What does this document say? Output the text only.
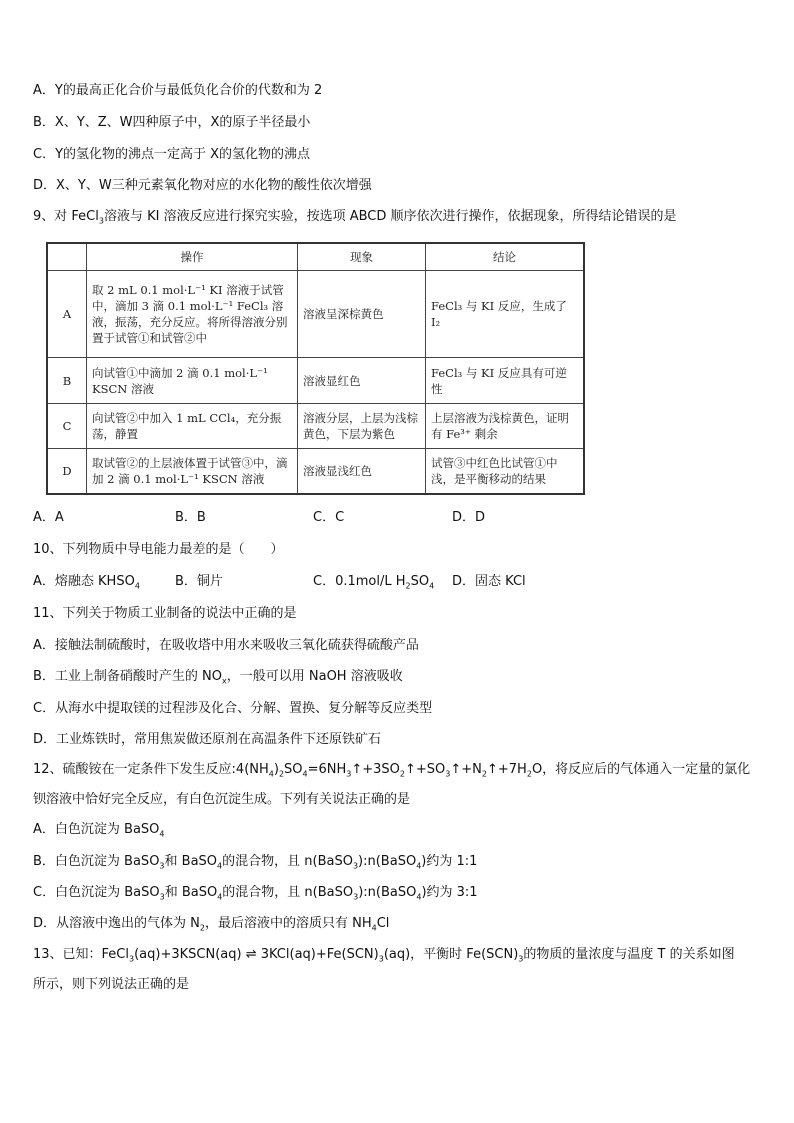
A．Y的最高正化合价与最低负化合价的代数和为 2
B．X、Y、Z、W四种原子中，X的原子半径最小
C．Y的氢化物的沸点一定高于 X的氢化物的沸点
D．X、Y、W三种元素氧化物对应的水化物的酸性依次增强
9、对 FeCl$_3$溶液与 KI 溶液反应进行探究实验，按选项 ABCD 顺序依次进行操作，依据现象，所得结论错误的是
	操作	现象	结论
A	取 2 mL 0.1 mol·L⁻¹ KI 溶液于试管中，滴加 3 滴 0.1 mol·L⁻¹ FeCl₃ 溶液，振荡，充分反应。将所得溶液分别置于试管①和试管②中	溶液呈深棕黄色	FeCl₃ 与 KI 反应，生成了 I₂
B	向试管①中滴加 2 滴 0.1 mol·L⁻¹ KSCN 溶液	溶液显红色	FeCl₃ 与 KI 反应具有可逆性
C	向试管②中加入 1 mL CCl₄，充分振荡，静置	溶液分层，上层为浅棕黄色，下层为紫色	上层溶液为浅棕黄色，证明有 Fe³⁺ 剩余
D	取试管②的上层液体置于试管③中，滴加 2 滴 0.1 mol·L⁻¹ KSCN 溶液	溶液显浅红色	试管③中红色比试管①中浅，是平衡移动的结果
A．A	B．B	C．C	D．D
10、下列物质中导电能力最差的是（　　）
A．熔融态 $KHSO_4$	B．铜片	C．0.1mol/L $H_2SO_4$ D．固态 KCl
11、下列关于物质工业制备的说法中正确的是
A．接触法制硫酸时，在吸收塔中用水来吸收三氧化硫获得硫酸产品
B．工业上制备硝酸时产生的 $NO_x$，一般可以用 NaOH 溶液吸收
C．从海水中提取镁的过程涉及化合、分解、置换、复分解等反应类型
D．工业炼铁时，常用焦炭做还原剂在高温条件下还原铁矿石
12、硫酸铵在一定条件下发生反应$:4(NH_4)_2SO_4=6NH_3↑+3SO_2↑+SO_3↑+N_2↑+7H_2O$，将反应后的气体通入一定量的氯化
钡溶液中恰好完全反应，有白色沉淀生成。下列有关说法正确的是
A．白色沉淀为 BaSO$_4$
B．白色沉淀为 BaSO$_3$和 BaSO$_4$的混合物，且 n(BaSO$_3$):n(BaSO$_4$)约为 1:1
C．白色沉淀为 BaSO$_3$和 BaSO$_4$的混合物，且 n(BaSO$_3$):n(BaSO$_4$)约为 3:1
D．从溶液中逸出的气体为 $N_2$，最后溶液中的溶质只有 $NH_4Cl$
13、已知：FeCl$_3$(aq)+3KSCN(aq) ⇌ $3KCl(aq)+Fe(SCN)_3(aq)$，平衡时 $Fe(SCN)_3$的物质的量浓度与温度 T 的关系如图
所示，则下列说法正确的是
